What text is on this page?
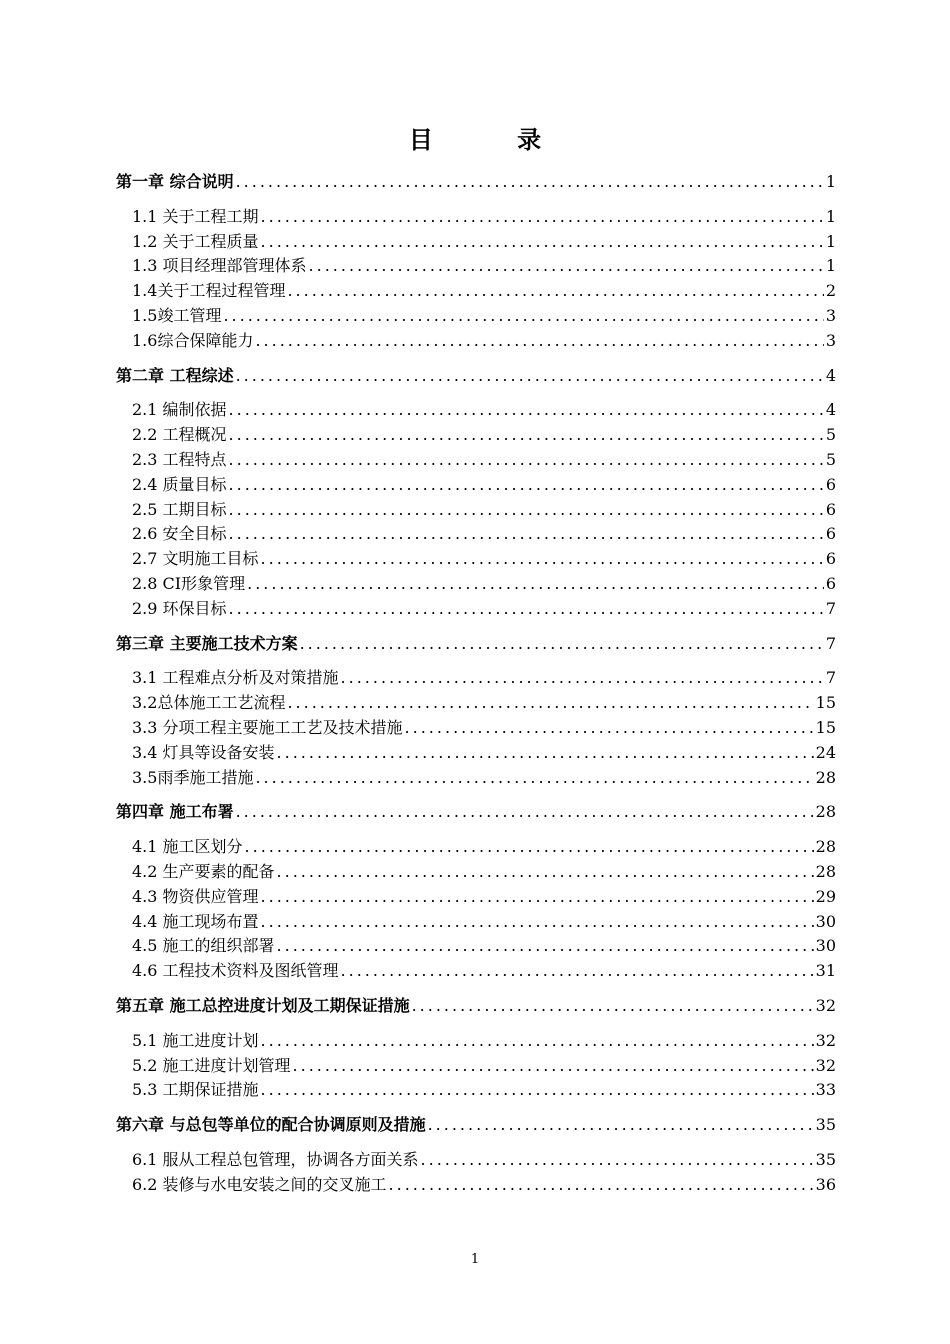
目 录
第一章 综合说明 .....	1
1.1 关于工程工期 .....	1
1.2 关于工程质量 .....	1
1.3 项目经理部管理体系 .....	1
1.4关于工程过程管理 .....	2
1.5竣工管理 .....	3
1.6综合保障能力 .....	3
第二章 工程综述 .....	4
2.1 编制依据 .....	4
2.2 工程概况 .....	5
2.3 工程特点 .....	5
2.4 质量目标 .....	6
2.5 工期目标 .....	6
2.6 安全目标 .....	6
2.7 文明施工目标 .....	6
2.8 CI形象管理 .....	6
2.9 环保目标 .....	7
第三章 主要施工技术方案 .....	7
3.1 工程难点分析及对策措施 .....	7
3.2总体施工工艺流程 .....	15
3.3 分项工程主要施工工艺及技术措施 .....	15
3.4 灯具等设备安装 .....	24
3.5雨季施工措施 .....	28
第四章 施工布署 .....	28
4.1 施工区划分 .....	28
4.2 生产要素的配备 .....	28
4.3 物资供应管理 .....	29
4.4 施工现场布置 .....	30
4.5 施工的组织部署 .....	30
4.6 工程技术资料及图纸管理 .....	31
第五章 施工总控进度计划及工期保证措施 .....	32
5.1 施工进度计划 .....	32
5.2 施工进度计划管理 .....	32
5.3 工期保证措施 .....	33
第六章 与总包等单位的配合协调原则及措施 .....	35
6.1 服从工程总包管理，协调各方面关系 .....	35
6.2 装修与水电安装之间的交叉施工 .....	36
1
